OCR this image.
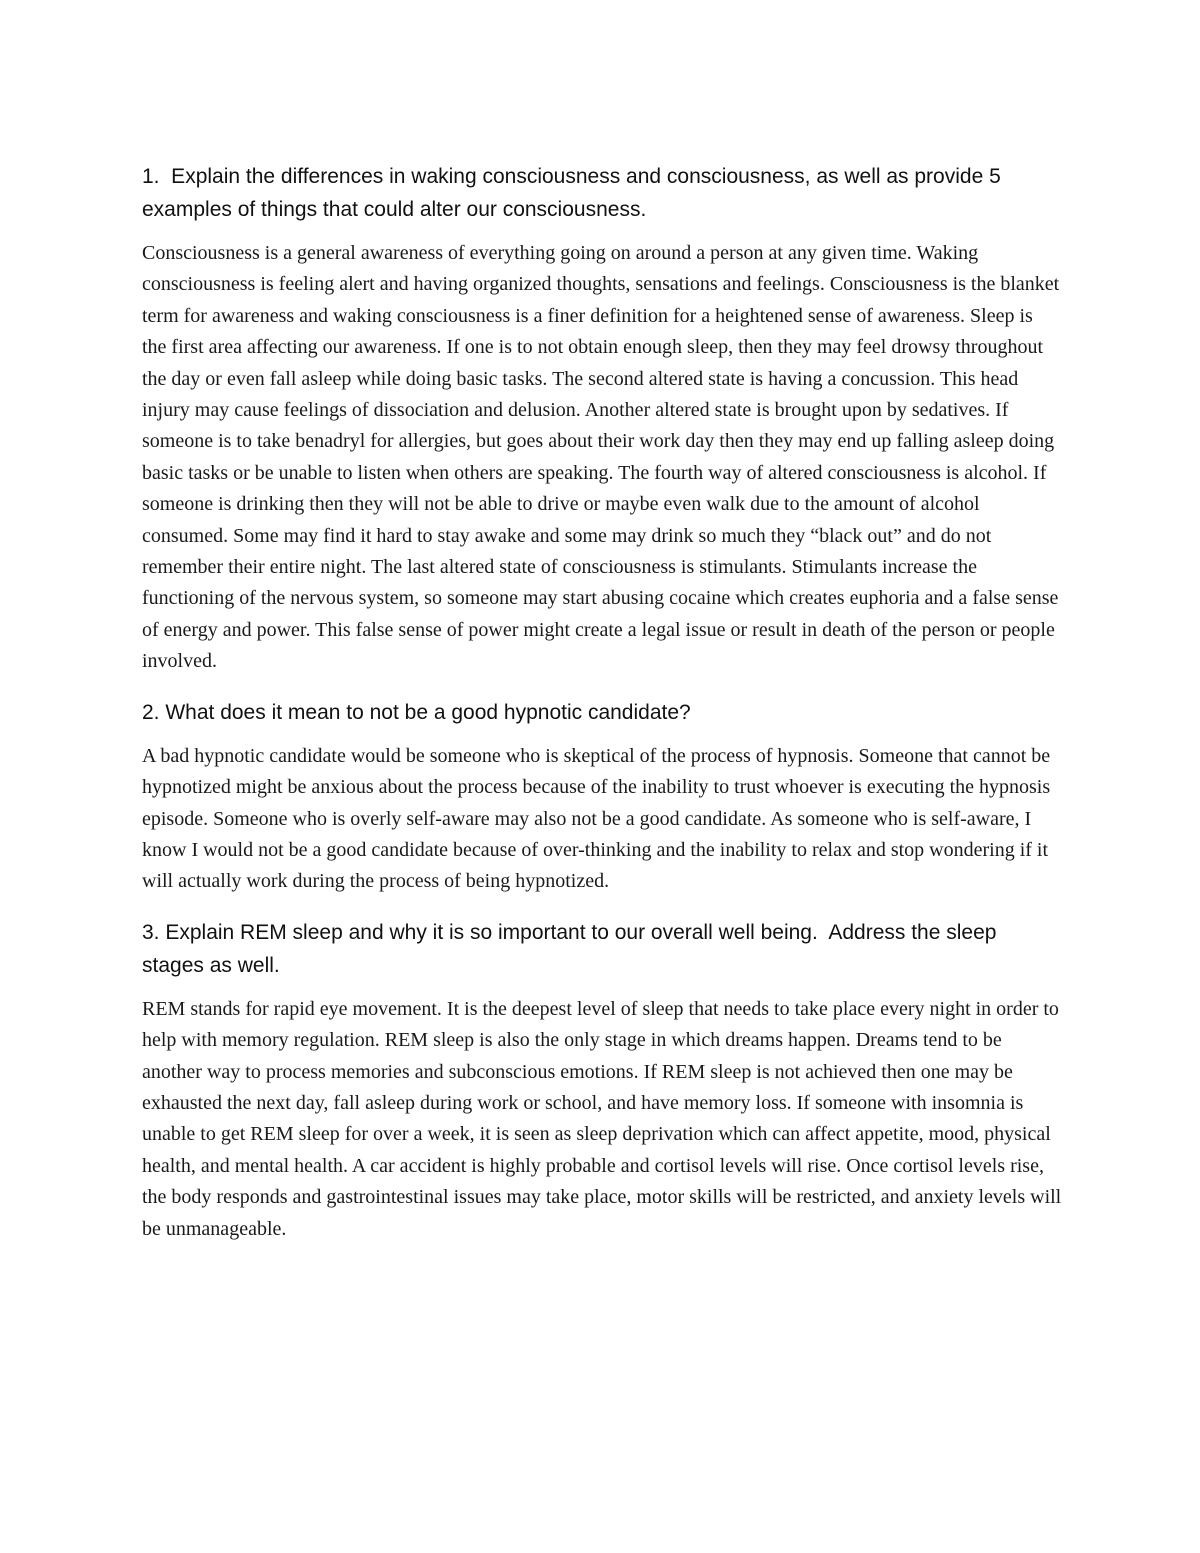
1.  Explain the differences in waking consciousness and consciousness, as well as provide 5 examples of things that could alter our consciousness.

Consciousness is a general awareness of everything going on around a person at any given time. Waking consciousness is feeling alert and having organized thoughts, sensations and feelings. Consciousness is the blanket term for awareness and waking consciousness is a finer definition for a heightened sense of awareness. Sleep is the first area affecting our awareness. If one is to not obtain enough sleep, then they may feel drowsy throughout the day or even fall asleep while doing basic tasks. The second altered state is having a concussion. This head injury may cause feelings of dissociation and delusion. Another altered state is brought upon by sedatives. If someone is to take benadryl for allergies, but goes about their work day then they may end up falling asleep doing basic tasks or be unable to listen when others are speaking. The fourth way of altered consciousness is alcohol. If someone is drinking then they will not be able to drive or maybe even walk due to the amount of alcohol consumed. Some may find it hard to stay awake and some may drink so much they “black out” and do not remember their entire night. The last altered state of consciousness is stimulants. Stimulants increase the functioning of the nervous system, so someone may start abusing cocaine which creates euphoria and a false sense of energy and power. This false sense of power might create a legal issue or result in death of the person or people involved.

2. What does it mean to not be a good hypnotic candidate?

A bad hypnotic candidate would be someone who is skeptical of the process of hypnosis. Someone that cannot be hypnotized might be anxious about the process because of the inability to trust whoever is executing the hypnosis episode. Someone who is overly self-aware may also not be a good candidate. As someone who is self-aware, I know I would not be a good candidate because of over-thinking and the inability to relax and stop wondering if it will actually work during the process of being hypnotized.

3. Explain REM sleep and why it is so important to our overall well being.  Address the sleep stages as well.

REM stands for rapid eye movement. It is the deepest level of sleep that needs to take place every night in order to help with memory regulation. REM sleep is also the only stage in which dreams happen. Dreams tend to be another way to process memories and subconscious emotions. If REM sleep is not achieved then one may be exhausted the next day, fall asleep during work or school, and have memory loss. If someone with insomnia is unable to get REM sleep for over a week, it is seen as sleep deprivation which can affect appetite, mood, physical health, and mental health. A car accident is highly probable and cortisol levels will rise. Once cortisol levels rise, the body responds and gastrointestinal issues may take place, motor skills will be restricted, and anxiety levels will be unmanageable.
